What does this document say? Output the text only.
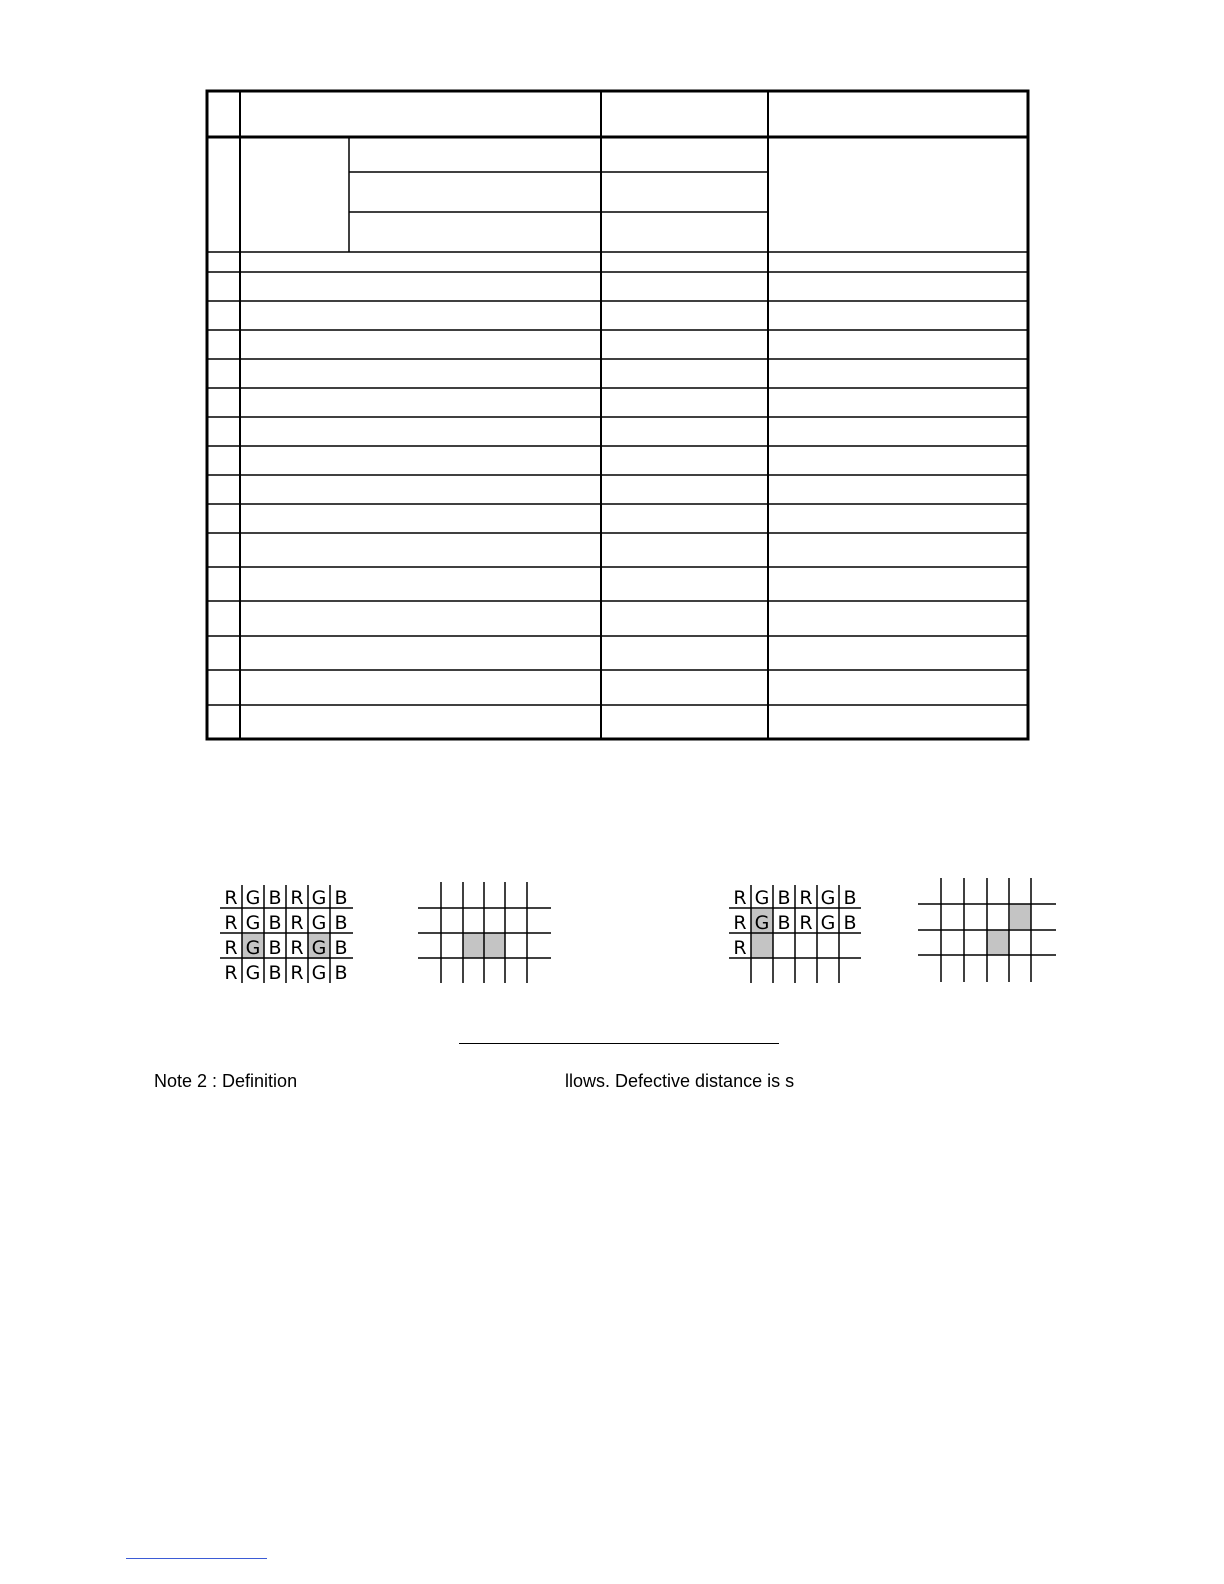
R G B R G B
R G B R G B
R G B R G B
R G B R G B
R G B R G B
R G B R G B
R
Note 2 : Definition	llows. Defective distance is s
